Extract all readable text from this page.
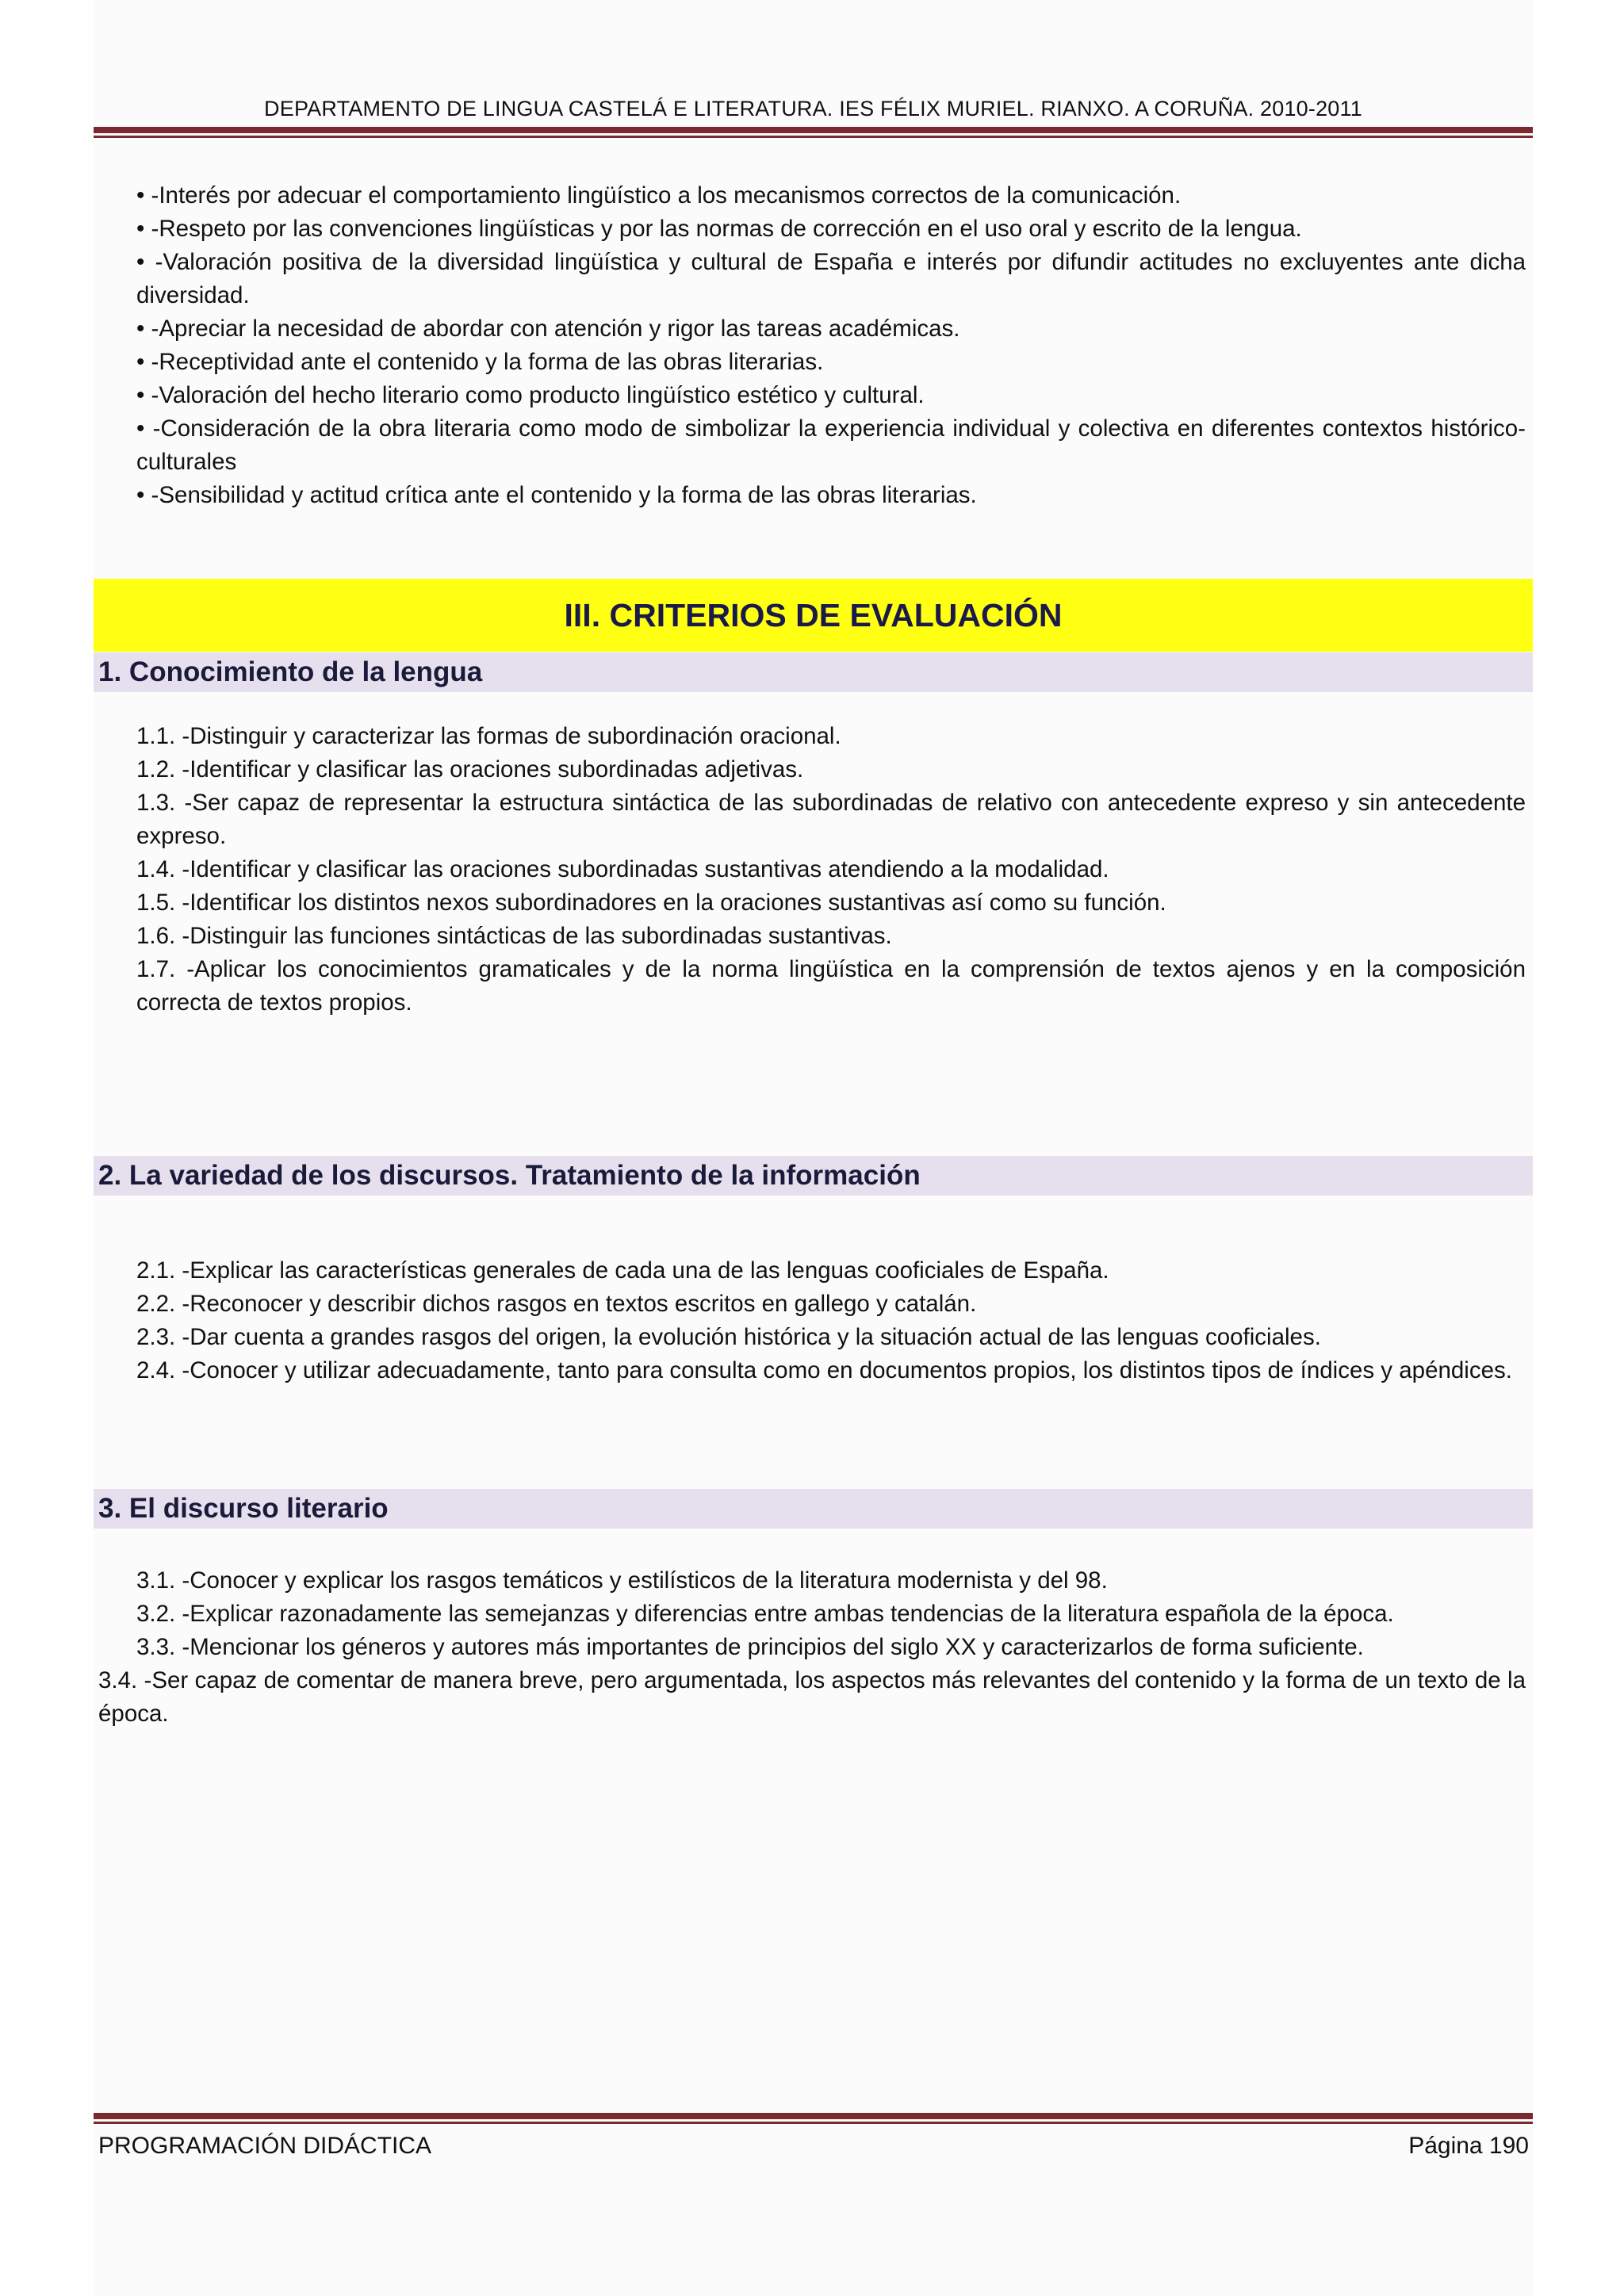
DEPARTAMENTO DE LINGUA CASTELÁ E LITERATURA. IES FÉLIX MURIEL. RIANXO. A CORUÑA. 2010-2011

• -Interés por adecuar el comportamiento lingüístico a los mecanismos correctos de la comunicación.

• -Respeto por las convenciones lingüísticas y por las normas de corrección en el uso oral y escrito de la lengua.

• -Valoración positiva de la diversidad lingüística y cultural de España e interés por difundir actitudes no excluyentes ante dicha diversidad.

• -Apreciar la necesidad de abordar con atención y rigor las tareas académicas.

• -Receptividad ante el contenido y la forma de las obras literarias.

• -Valoración del hecho literario como producto lingüístico estético y cultural.

• -Consideración de la obra literaria como modo de simbolizar la experiencia individual y colectiva en diferentes contextos histórico-culturales

• -Sensibilidad y actitud crítica ante el contenido y la forma de las obras literarias.

III. CRITERIOS DE EVALUACIÓN
1. Conocimiento de la lengua

1.1. -Distinguir y caracterizar las formas de subordinación oracional.

1.2. -Identificar y clasificar las oraciones subordinadas adjetivas.

1.3. -Ser capaz de representar la estructura sintáctica de las subordinadas de relativo con antecedente expreso y sin antecedente expreso.

1.4. -Identificar y clasificar las oraciones subordinadas sustantivas atendiendo a la modalidad.

1.5. -Identificar los distintos nexos subordinadores en la oraciones sustantivas así como su función.

1.6. -Distinguir las funciones sintácticas de las subordinadas sustantivas.

1.7. -Aplicar los conocimientos gramaticales y de la norma lingüística en la comprensión de textos ajenos y en la composición correcta de textos propios.

2. La variedad de los discursos. Tratamiento de la información

2.1. -Explicar las características generales de cada una de las lenguas cooficiales de España.

2.2. -Reconocer y describir dichos rasgos en textos escritos en gallego y catalán.

2.3. -Dar cuenta a grandes rasgos del origen, la evolución histórica y la situación actual de las lenguas cooficiales.

2.4. -Conocer y utilizar adecuadamente, tanto para consulta como en documentos propios, los distintos tipos de índices y apéndices.

3. El discurso literario

3.1. -Conocer y explicar los rasgos temáticos y estilísticos de la literatura modernista y del 98.

3.2. -Explicar razonadamente las semejanzas y diferencias entre ambas tendencias de la literatura española de la época.

3.3. -Mencionar los géneros y autores más importantes de principios del siglo XX y caracterizarlos de forma suficiente.

3.4. -Ser capaz de comentar de manera breve, pero argumentada, los aspectos más relevantes del contenido y la forma de un texto de la época.

PROGRAMACIÓN DIDÁCTICA	Página 190
